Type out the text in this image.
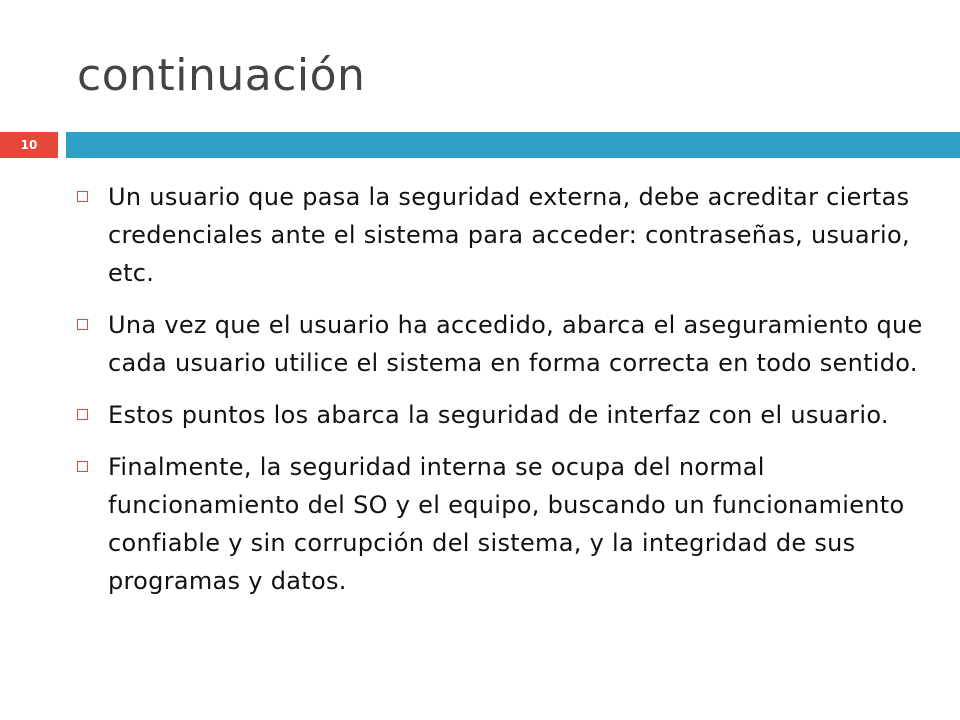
continuación
10
Un usuario que pasa la seguridad externa, debe acreditar ciertas credenciales ante el sistema para acceder: contraseñas, usuario, etc.
Una vez que el usuario ha accedido, abarca el aseguramiento que cada usuario utilice el sistema en forma correcta en todo sentido.
Estos puntos los abarca la seguridad de interfaz con el usuario.
Finalmente, la seguridad interna se ocupa del normal funcionamiento del SO y el equipo, buscando un funcionamiento confiable y sin corrupción del sistema, y la integridad de sus programas y datos.
